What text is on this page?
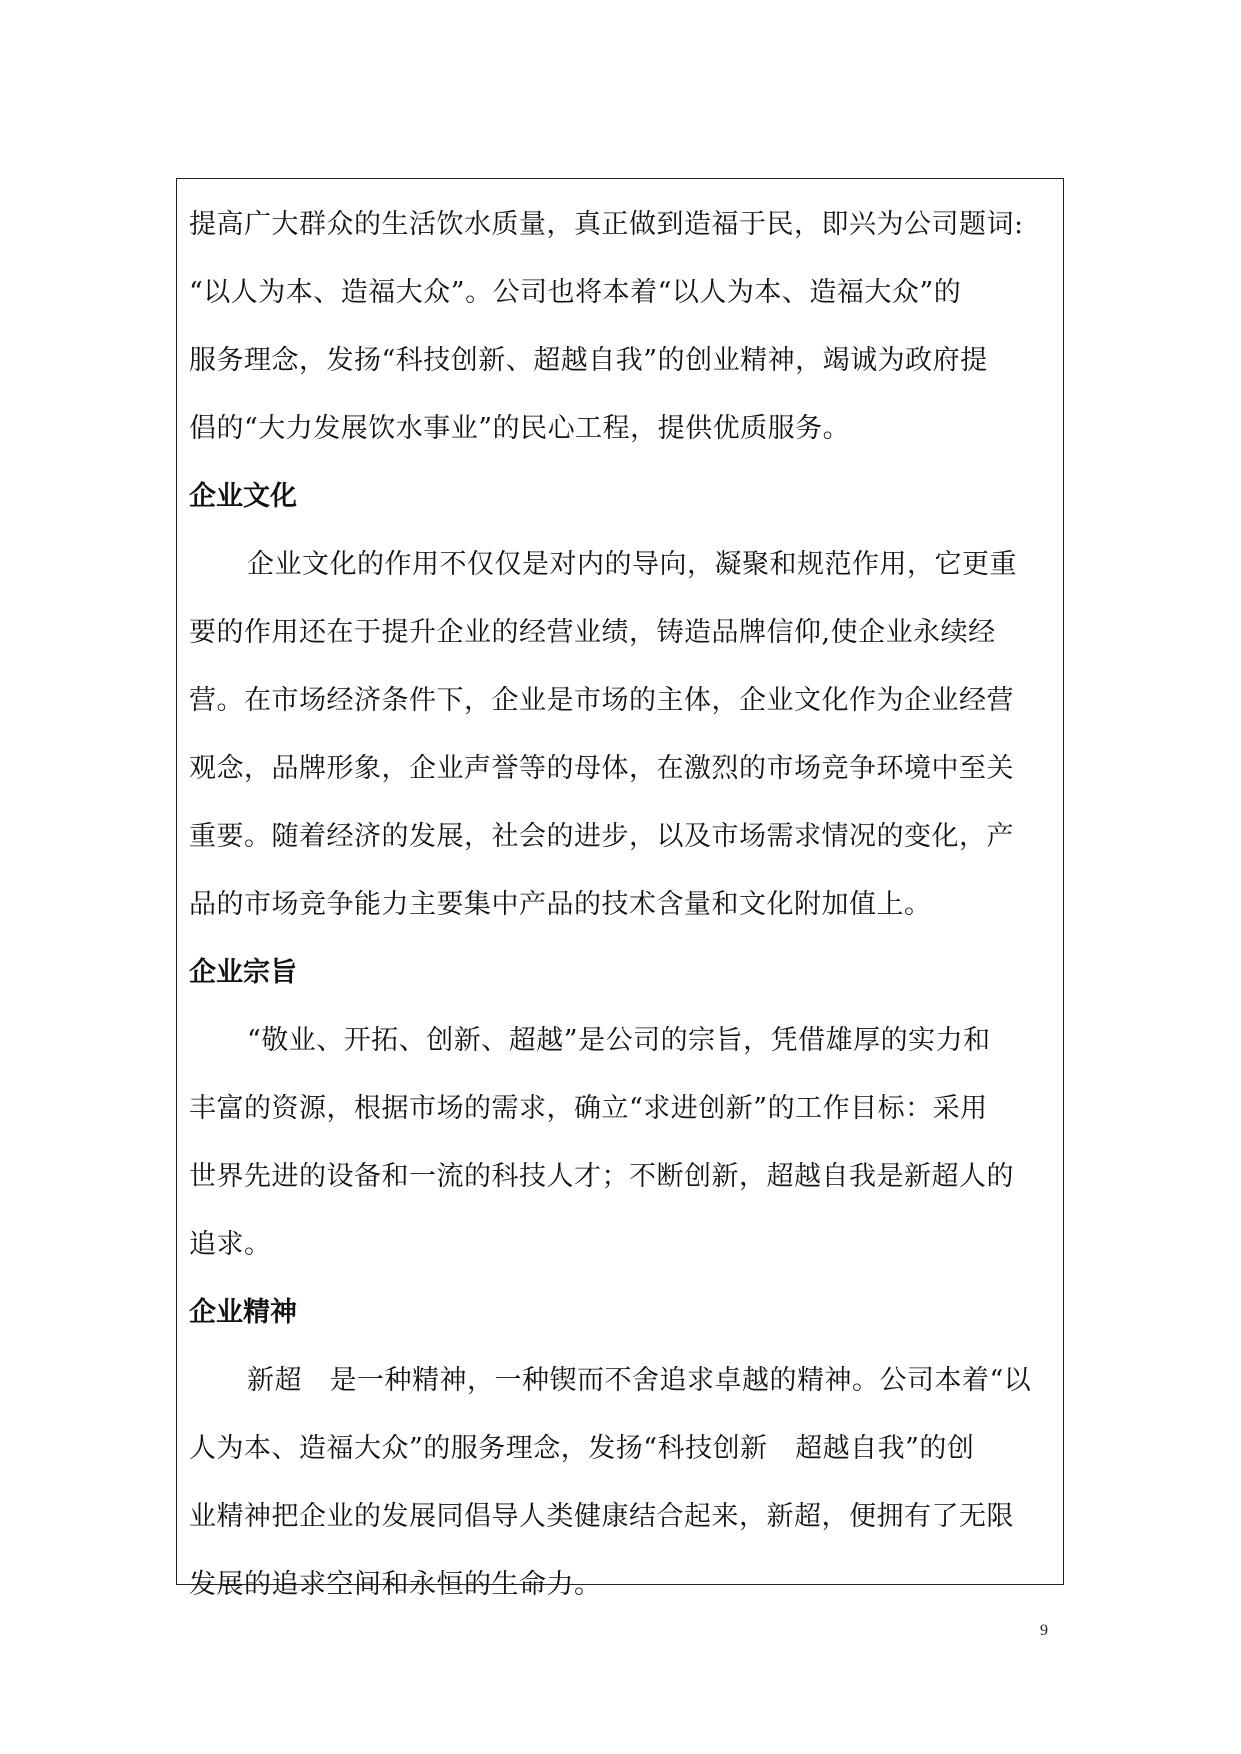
提高广大群众的生活饮水质量，真正做到造福于民，即兴为公司题词:
“以人为本、造福大众”。公司也将本着“以人为本、造福大众”的
服务理念，发扬“科技创新、超越自我”的创业精神，竭诚为政府提
倡的“大力发展饮水事业”的民心工程，提供优质服务。
企业文化
企业文化的作用不仅仅是对内的导向，凝聚和规范作用，它更重
要的作用还在于提升企业的经营业绩，铸造品牌信仰,使企业永续经
营。在市场经济条件下，企业是市场的主体，企业文化作为企业经营
观念，品牌形象，企业声誉等的母体，在激烈的市场竞争环境中至关
重要。随着经济的发展，社会的进步，以及市场需求情况的变化，产
品的市场竞争能力主要集中产品的技术含量和文化附加值上。
企业宗旨
“敬业、开拓、创新、超越”是公司的宗旨，凭借雄厚的实力和
丰富的资源，根据市场的需求，确立“求进创新”的工作目标：采用
世界先进的设备和一流的科技人才；不断创新，超越自我是新超人的
追求。
企业精神
新超　是一种精神，一种锲而不舍追求卓越的精神。公司本着“以
人为本、造福大众”的服务理念，发扬“科技创新　超越自我”的创
业精神把企业的发展同倡导人类健康结合起来，新超，便拥有了无限
发展的追求空间和永恒的生命力。
9
